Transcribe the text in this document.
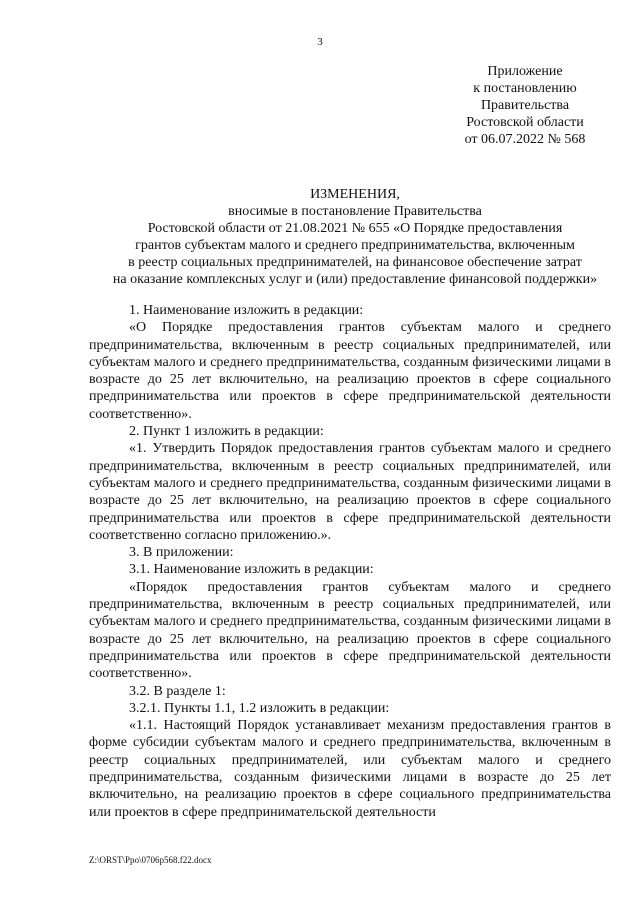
3
Приложение
к постановлению
Правительства
Ростовской области
от 06.07.2022 № 568
ИЗМЕНЕНИЯ,
вносимые в постановление Правительства
Ростовской области от 21.08.2021 № 655 «О Порядке предоставления
грантов субъектам малого и среднего предпринимательства, включенным
в реестр социальных предпринимателей, на финансовое обеспечение затрат
на оказание комплексных услуг и (или) предоставление финансовой поддержки»

1. Наименование изложить в редакции:

«О Порядке предоставления грантов субъектам малого и среднего предпринимательства, включенным в реестр социальных предпринимателей, или субъектам малого и среднего предпринимательства, созданным физическими лицами в возрасте до 25 лет включительно, на реализацию проектов в сфере социального предпринимательства или проектов в сфере предпринимательской деятельности соответственно».

2. Пункт 1 изложить в редакции:

«1. Утвердить Порядок предоставления грантов субъектам малого и среднего предпринимательства, включенным в реестр социальных предпринимателей, или субъектам малого и среднего предпринимательства, созданным физическими лицами в возрасте до 25 лет включительно, на реализацию проектов в сфере социального предпринимательства или проектов в сфере предпринимательской деятельности соответственно согласно приложению.».

3. В приложении:

3.1. Наименование изложить в редакции:

«Порядок предоставления грантов субъектам малого и среднего предпринимательства, включенным в реестр социальных предпринимателей, или субъектам малого и среднего предпринимательства, созданным физическими лицами в возрасте до 25 лет включительно, на реализацию проектов в сфере социального предпринимательства или проектов в сфере предпринимательской деятельности соответственно».

3.2. В разделе 1:

3.2.1. Пункты 1.1, 1.2 изложить в редакции:

«1.1. Настоящий Порядок устанавливает механизм предоставления грантов в форме субсидии субъектам малого и среднего предпринимательства, включенным в реестр социальных предпринимателей, или субъектам малого и среднего предпринимательства, созданным физическими лицами в возрасте до 25 лет включительно, на реализацию проектов в сфере социального предпринимательства или проектов в сфере предпринимательской деятельности

Z:\ORST\Ppo\0706p568.f22.docx
